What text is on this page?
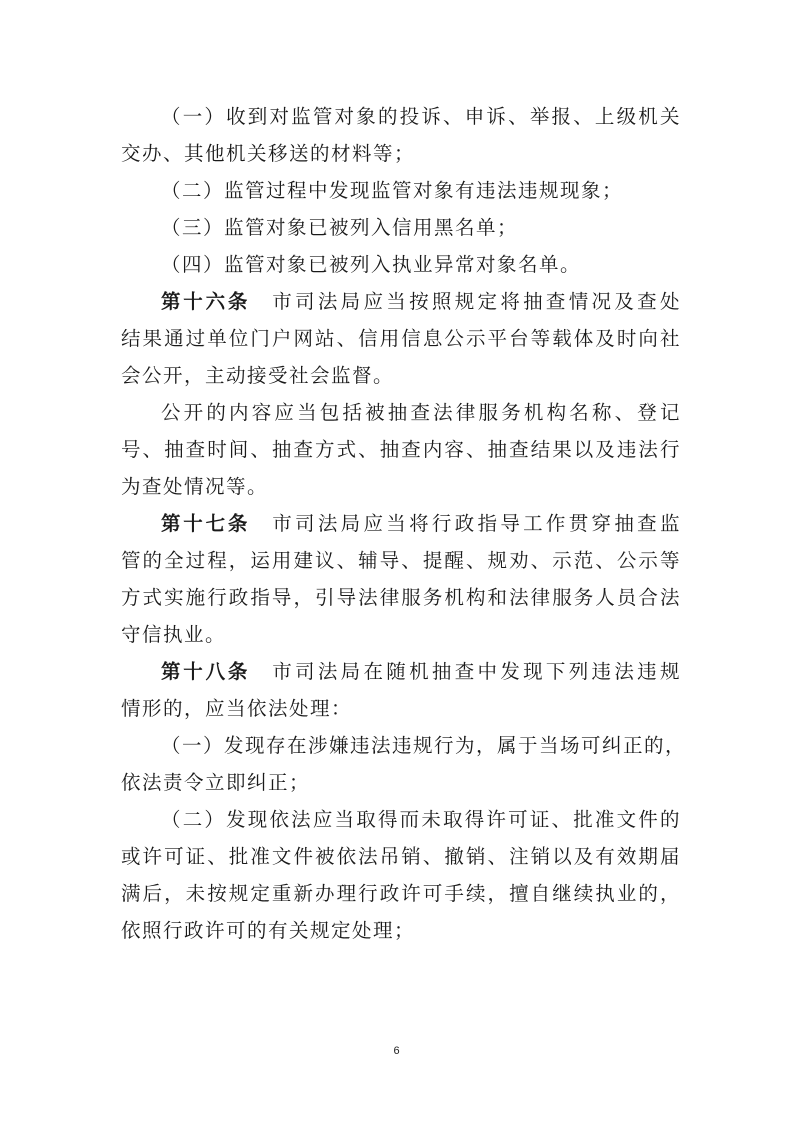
（一）收到对监管对象的投诉、申诉、举报、上级机关
交办、其他机关移送的材料等；
（二）监管过程中发现监管对象有违法违规现象；
（三）监管对象已被列入信用黑名单；
（四）监管对象已被列入执业异常对象名单。
第十六条 市司法局应当按照规定将抽查情况及查处
结果通过单位门户网站、信用信息公示平台等载体及时向社
会公开，主动接受社会监督。
公开的内容应当包括被抽查法律服务机构名称、登记
号、抽查时间、抽查方式、抽查内容、抽查结果以及违法行
为查处情况等。
第十七条 市司法局应当将行政指导工作贯穿抽查监
管的全过程，运用建议、辅导、提醒、规劝、示范、公示等
方式实施行政指导，引导法律服务机构和法律服务人员合法
守信执业。
第十八条 市司法局在随机抽查中发现下列违法违规
情形的，应当依法处理：
（一）发现存在涉嫌违法违规行为，属于当场可纠正的，
依法责令立即纠正；
（二）发现依法应当取得而未取得许可证、批准文件的
或许可证、批准文件被依法吊销、撤销、注销以及有效期届
满后，未按规定重新办理行政许可手续，擅自继续执业的，
依照行政许可的有关规定处理；
6
